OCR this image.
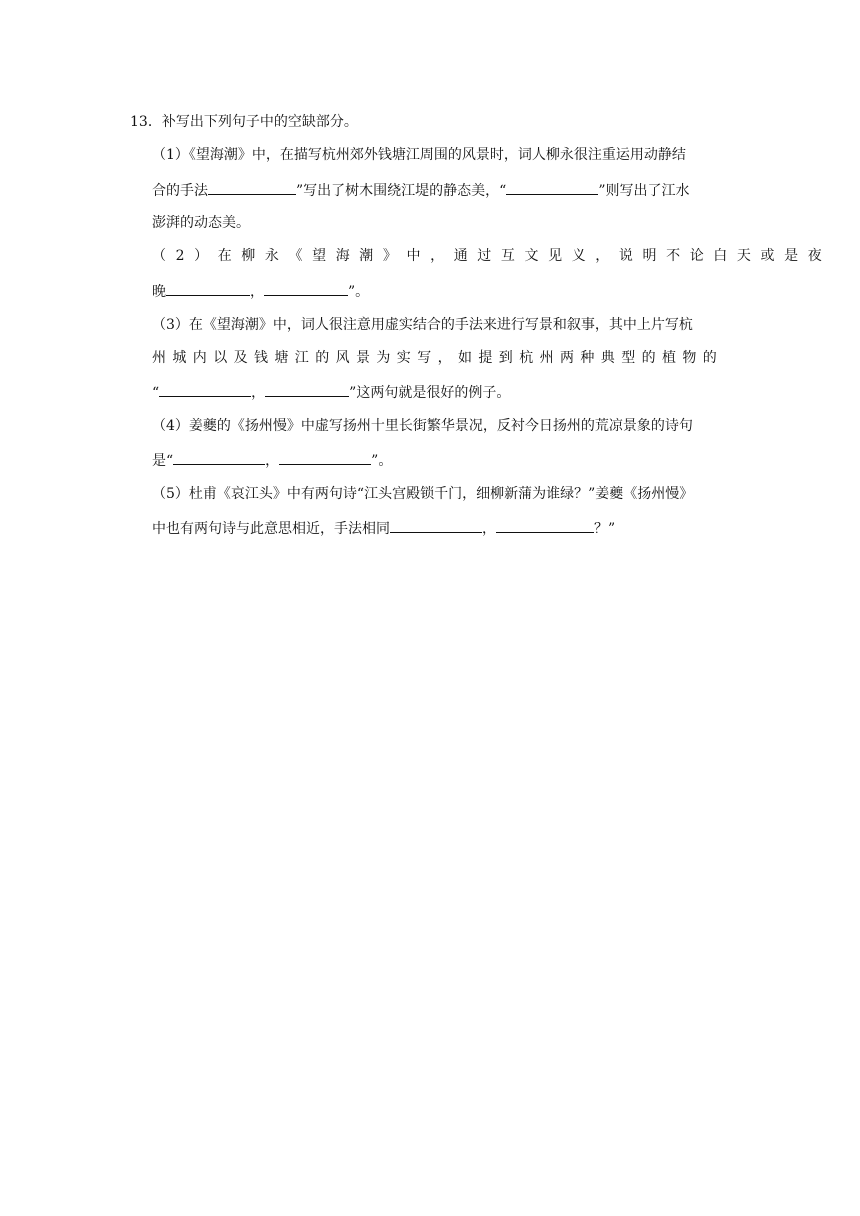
13．补写出下列句子中的空缺部分。
（1）《望海潮》中，在描写杭州郊外钱塘江周围的风景时，词人柳永很注重运用动静结
合的手法	”写出了树木围绕江堤的静态美，“	”则写出了江水
澎湃的动态美。
（2）在柳永《望海潮》中，通过互文见义，说明不论白天或是夜
晚	，	”。
（3）在《望海潮》中，词人很注意用虚实结合的手法来进行写景和叙事，其中上片写杭
州城内以及钱塘江的风景为实写，如提到杭州两种典型的植物的
“	，	”这两句就是很好的例子。
（4）姜夔的《扬州慢》中虚写扬州十里长街繁华景况，反衬今日扬州的荒凉景象的诗句
是“	，	”。
（5）杜甫《哀江头》中有两句诗“江头宫殿锁千门，细柳新蒲为谁绿？”姜夔《扬州慢》
中也有两句诗与此意思相近，手法相同	，	？”
